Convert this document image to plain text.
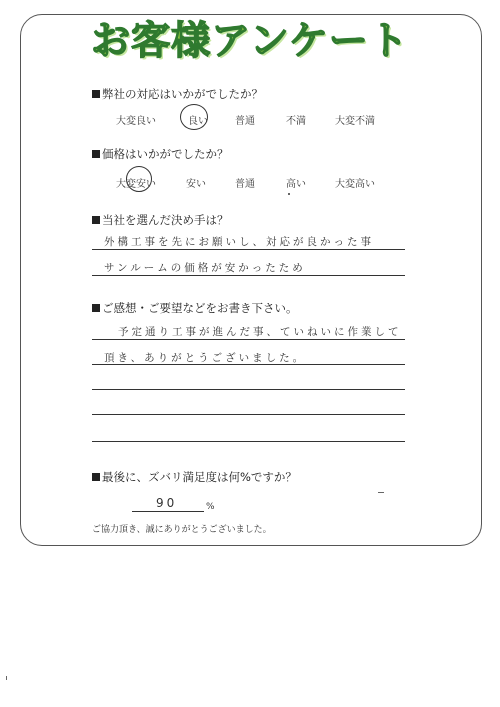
お客様アンケート
弊社の対応はいかがでしたか？
大変良い	良い	普通	不満	大変不満
価格はいかがでしたか？
大変安い	安い	普通	高い	大変高い
当社を選んだ決め手は？
外構工事を先にお願いし、対応が良かった事
サンルームの価格が安かったため
ご感想・ご要望などをお書き下さい。
予定通り工事が進んだ事、ていねいに作業して
頂き、ありがとうございました。
最後に、ズバリ満足度は何%ですか？
90	%
ご協力頂き、誠にありがとうございました。
